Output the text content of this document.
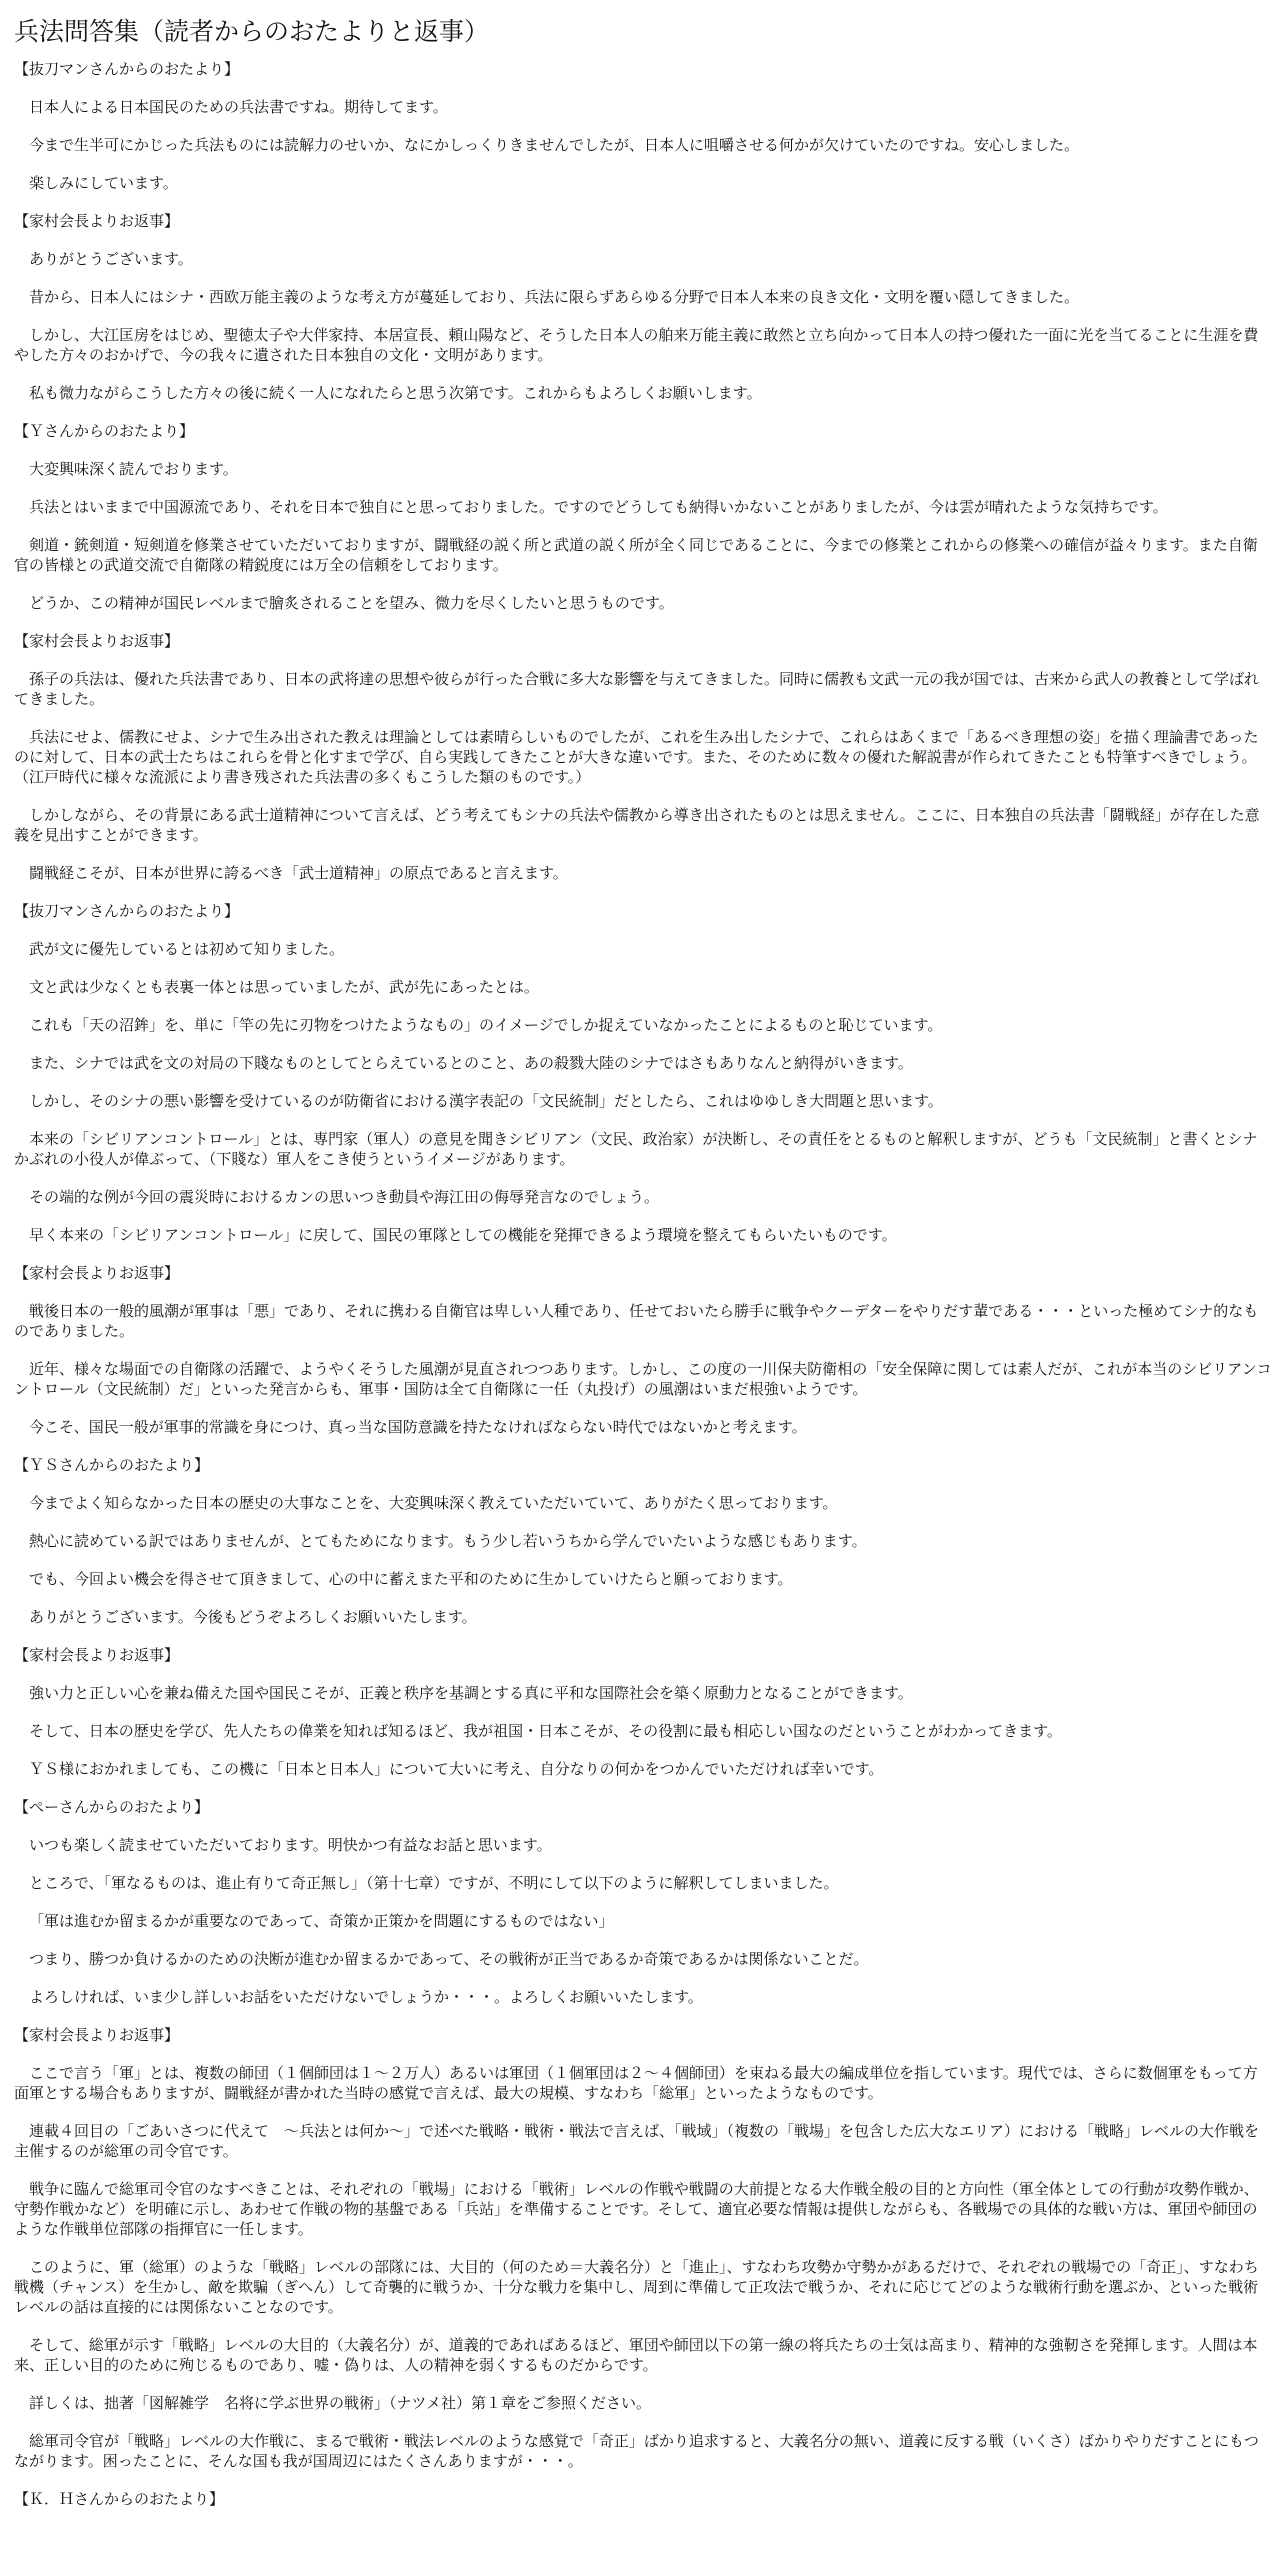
兵法問答集（読者からのおたよりと返事）
【抜刀マンさんからのおたより】

日本人による日本国民のための兵法書ですね。期待してます。

今まで生半可にかじった兵法ものには読解力のせいか、なにかしっくりきませんでしたが、日本人に咀嚼させる何かが欠けていたのですね。安心しました。

楽しみにしています。

【家村会長よりお返事】

ありがとうございます。

昔から、日本人にはシナ・西欧万能主義のような考え方が蔓延しており、兵法に限らずあらゆる分野で日本人本来の良き文化・文明を覆い隠してきました。

しかし、大江匡房をはじめ、聖徳太子や大伴家持、本居宣長、頼山陽など、そうした日本人の舶来万能主義に敢然と立ち向かって日本人の持つ優れた一面に光を当てることに生涯を費やした方々のおかげで、今の我々に遺された日本独自の文化・文明があります。

私も微力ながらこうした方々の後に続く一人になれたらと思う次第です。これからもよろしくお願いします。

【Ｙさんからのおたより】

大変興味深く読んでおります。

兵法とはいままで中国源流であり、それを日本で独自にと思っておりました。ですのでどうしても納得いかないことがありましたが、今は雲が晴れたような気持ちです。

剣道・銃剣道・短剣道を修業させていただいておりますが、闘戦経の説く所と武道の説く所が全く同じであることに、今までの修業とこれからの修業への確信が益々ります。また自衛官の皆様との武道交流で自衛隊の精鋭度には万全の信頼をしております。

どうか、この精神が国民レベルまで膾炙されることを望み、微力を尽くしたいと思うものです。

【家村会長よりお返事】

孫子の兵法は、優れた兵法書であり、日本の武将達の思想や彼らが行った合戦に多大な影響を与えてきました。同時に儒教も文武一元の我が国では、古来から武人の教養として学ばれてきました。

兵法にせよ、儒教にせよ、シナで生み出された教えは理論としては素晴らしいものでしたが、これを生み出したシナで、これらはあくまで「あるべき理想の姿」を描く理論書であったのに対して、日本の武士たちはこれらを骨と化すまで学び、自ら実践してきたことが大きな違いです。また、そのために数々の優れた解説書が作られてきたことも特筆すべきでしょう。（江戸時代に様々な流派により書き残された兵法書の多くもこうした類のものです。）

しかしながら、その背景にある武士道精神について言えば、どう考えてもシナの兵法や儒教から導き出されたものとは思えません。ここに、日本独自の兵法書「闘戦経」が存在した意義を見出すことができます。

闘戦経こそが、日本が世界に誇るべき「武士道精神」の原点であると言えます。

【抜刀マンさんからのおたより】

武が文に優先しているとは初めて知りました。

文と武は少なくとも表裏一体とは思っていましたが、武が先にあったとは。

これも「天の沼鉾」を、単に「竿の先に刃物をつけたようなもの」のイメージでしか捉えていなかったことによるものと恥じています。

また、シナでは武を文の対局の下賤なものとしてとらえているとのこと、あの殺戮大陸のシナではさもありなんと納得がいきます。

しかし、そのシナの悪い影響を受けているのが防衛省における漢字表記の「文民統制」だとしたら、これはゆゆしき大問題と思います。

本来の「シビリアンコントロール」とは、専門家（軍人）の意見を聞きシビリアン（文民、政治家）が決断し、その責任をとるものと解釈しますが、どうも「文民統制」と書くとシナかぶれの小役人が偉ぶって、（下賤な）軍人をこき使うというイメージがあります。

その端的な例が今回の震災時におけるカンの思いつき動員や海江田の侮辱発言なのでしょう。

早く本来の「シビリアンコントロール」に戻して、国民の軍隊としての機能を発揮できるよう環境を整えてもらいたいものです。

【家村会長よりお返事】

戦後日本の一般的風潮が軍事は「悪」であり、それに携わる自衛官は卑しい人種であり、任せておいたら勝手に戦争やクーデターをやりだす輩である・・・といった極めてシナ的なものでありました。

近年、様々な場面での自衛隊の活躍で、ようやくそうした風潮が見直されつつあります。しかし、この度の一川保夫防衛相の「安全保障に関しては素人だが、これが本当のシビリアンコントロール（文民統制）だ」といった発言からも、軍事・国防は全て自衛隊に一任（丸投げ）の風潮はいまだ根強いようです。

今こそ、国民一般が軍事的常識を身につけ、真っ当な国防意識を持たなければならない時代ではないかと考えます。

【ＹＳさんからのおたより】

今までよく知らなかった日本の歴史の大事なことを、大変興味深く教えていただいていて、ありがたく思っております。

熱心に読めている訳ではありませんが、とてもためになります。もう少し若いうちから学んでいたいような感じもあります。

でも、今回よい機会を得させて頂きまして、心の中に蓄えまた平和のために生かしていけたらと願っております。

ありがとうございます。今後もどうぞよろしくお願いいたします。

【家村会長よりお返事】

強い力と正しい心を兼ね備えた国や国民こそが、正義と秩序を基調とする真に平和な国際社会を築く原動力となることができます。

そして、日本の歴史を学び、先人たちの偉業を知れば知るほど、我が祖国・日本こそが、その役割に最も相応しい国なのだということがわかってきます。

ＹＳ様におかれましても、この機に「日本と日本人」について大いに考え、自分なりの何かをつかんでいただければ幸いです。

【ぺーさんからのおたより】

いつも楽しく読ませていただいております。明快かつ有益なお話と思います。

ところで、「軍なるものは、進止有りて奇正無し」（第十七章）ですが、不明にして以下のように解釈してしまいました。

「軍は進むか留まるかが重要なのであって、奇策か正策かを問題にするものではない」

つまり、勝つか負けるかのための決断が進むか留まるかであって、その戦術が正当であるか奇策であるかは関係ないことだ。

よろしければ、いま少し詳しいお話をいただけないでしょうか・・・。よろしくお願いいたします。

【家村会長よりお返事】

ここで言う「軍」とは、複数の師団（１個師団は１～２万人）あるいは軍団（１個軍団は２～４個師団）を束ねる最大の編成単位を指しています。現代では、さらに数個軍をもって方面軍とする場合もありますが、闘戦経が書かれた当時の感覚で言えば、最大の規模、すなわち「総軍」といったようなものです。

連載４回目の「ごあいさつに代えて　～兵法とは何か～」で述べた戦略・戦術・戦法で言えば、「戦域」（複数の「戦場」を包含した広大なエリア）における「戦略」レベルの大作戦を主催するのが総軍の司令官です。

戦争に臨んで総軍司令官のなすべきことは、それぞれの「戦場」における「戦術」レベルの作戦や戦闘の大前提となる大作戦全般の目的と方向性（軍全体としての行動が攻勢作戦か、守勢作戦かなど）を明確に示し、あわせて作戦の物的基盤である「兵站」を準備することです。そして、適宜必要な情報は提供しながらも、各戦場での具体的な戦い方は、軍団や師団のような作戦単位部隊の指揮官に一任します。

このように、軍（総軍）のような「戦略」レベルの部隊には、大目的（何のため＝大義名分）と「進止」、すなわち攻勢か守勢かがあるだけで、それぞれの戦場での「奇正」、すなわち戦機（チャンス）を生かし、敵を欺騙（ぎへん）して奇襲的に戦うか、十分な戦力を集中し、周到に準備して正攻法で戦うか、それに応じてどのような戦術行動を選ぶか、といった戦術レベルの話は直接的には関係ないことなのです。

そして、総軍が示す「戦略」レベルの大目的（大義名分）が、道義的であればあるほど、軍団や師団以下の第一線の将兵たちの士気は高まり、精神的な強靭さを発揮します。人間は本来、正しい目的のために殉じるものであり、嘘・偽りは、人の精神を弱くするものだからです。

詳しくは、拙著「図解雑学　名将に学ぶ世界の戦術」（ナツメ社）第１章をご参照ください。

総軍司令官が「戦略」レベルの大作戦に、まるで戦術・戦法レベルのような感覚で「奇正」ばかり追求すると、大義名分の無い、道義に反する戦（いくさ）ばかりやりだすことにもつながります。困ったことに、そんな国も我が国周辺にはたくさんありますが・・・。

【Ｋ．Ｈさんからのおたより】
